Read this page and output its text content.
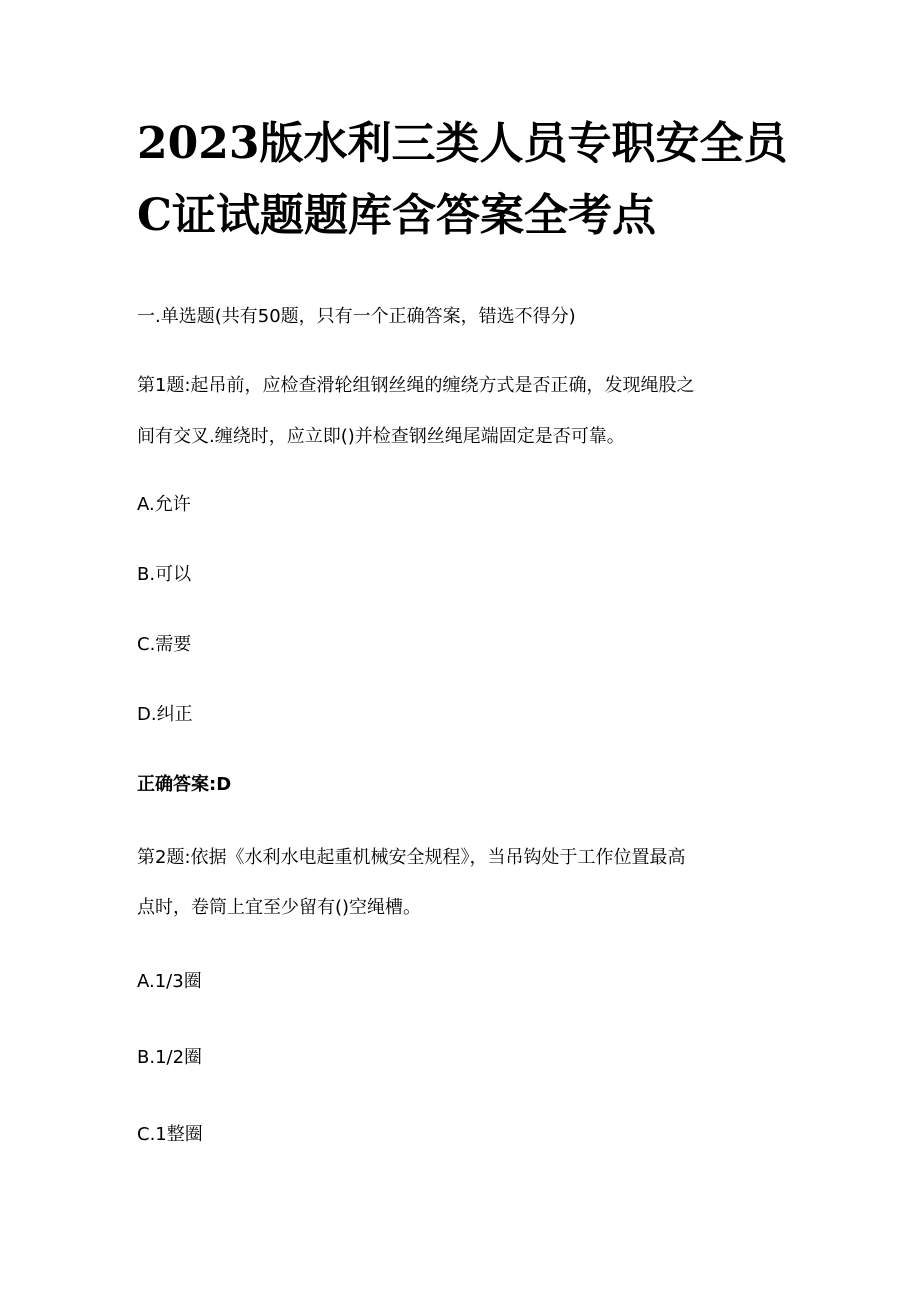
2023版水利三类人员专职安全员
C证试题题库含答案全考点
一.单选题(共有50题，只有一个正确答案，错选不得分)
第1题:起吊前，应检查滑轮组钢丝绳的缠绕方式是否正确，发现绳股之
间有交叉.缠绕时，应立即()并检查钢丝绳尾端固定是否可靠。
A.允许
B.可以
C.需要
D.纠正
正确答案:D
第2题:依据《水利水电起重机械安全规程》，当吊钩处于工作位置最高
点时，卷筒上宜至少留有()空绳槽。
A.1/3圈
B.1/2圈
C.1整圈
